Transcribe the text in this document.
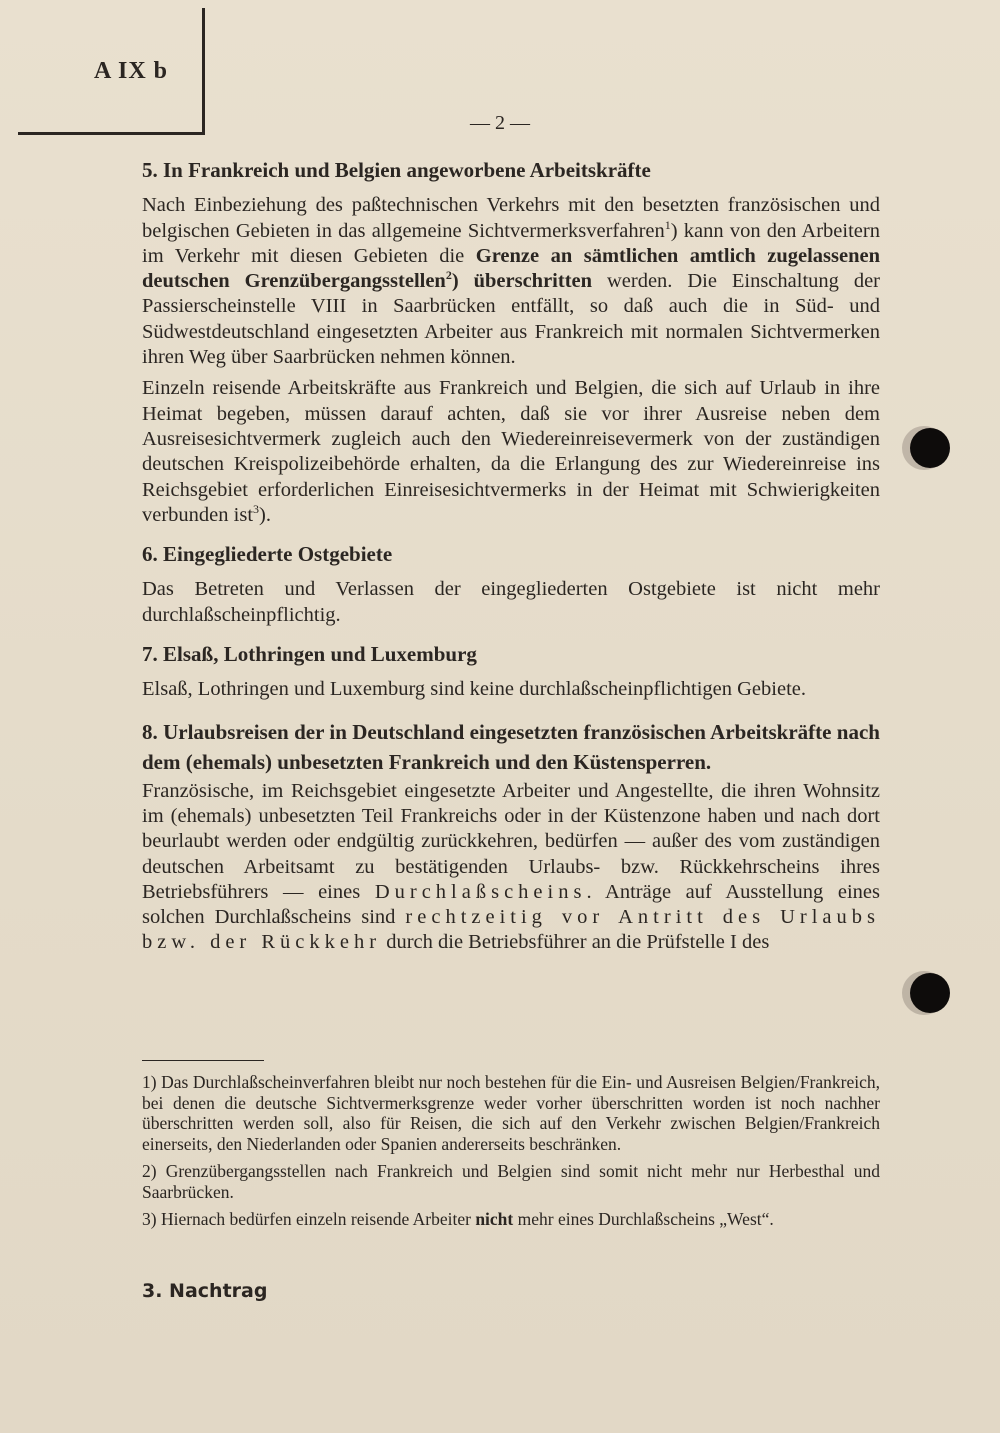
A IX b
— 2 —
5. In Frankreich und Belgien angeworbene Arbeitskräfte

Nach Einbeziehung des paßtechnischen Verkehrs mit den besetzten französischen und belgischen Gebieten in das allgemeine Sichtvermerksverfahren$^1$) kann von den Arbeitern im Verkehr mit diesen Gebieten die Grenze an sämtlichen amtlich zugelassenen deutschen Grenzübergangsstellen$^2$) überschritten werden. Die Einschaltung der Passierscheinstelle VIII in Saarbrücken entfällt, so daß auch die in Süd- und Südwestdeutschland eingesetzten Arbeiter aus Frankreich mit normalen Sichtvermerken ihren Weg über Saarbrücken nehmen können.

Einzeln reisende Arbeitskräfte aus Frankreich und Belgien, die sich auf Urlaub in ihre Heimat begeben, müssen darauf achten, daß sie vor ihrer Ausreise neben dem Ausreisesichtvermerk zugleich auch den Wiedereinreisevermerk von der zuständigen deutschen Kreispolizeibehörde erhalten, da die Erlangung des zur Wiedereinreise ins Reichsgebiet erforderlichen Einreisesichtvermerks in der Heimat mit Schwierigkeiten verbunden ist$^3$).

6. Eingegliederte Ostgebiete

Das Betreten und Verlassen der eingegliederten Ostgebiete ist nicht mehr durchlaßscheinpflichtig.

7. Elsaß, Lothringen und Luxemburg

Elsaß, Lothringen und Luxemburg sind keine durchlaßscheinpflichtigen Gebiete.

8. Urlaubsreisen der in Deutschland eingesetzten französischen Arbeitskräfte nach dem (ehemals) unbesetzten Frankreich und den Küstensperren.

Französische, im Reichsgebiet eingesetzte Arbeiter und Angestellte, die ihren Wohnsitz im (ehemals) unbesetzten Teil Frankreichs oder in der Küstenzone haben und nach dort beurlaubt werden oder endgültig zurückkehren, bedürfen — außer des vom zuständigen deutschen Arbeitsamt zu bestätigenden Urlaubs- bzw. Rückkehrscheins ihres Betriebsführers — eines Durchlaßscheins. Anträge auf Ausstellung eines solchen Durchlaßscheins sind rechtzeitig vor Antritt des Urlaubs bzw. der Rückkehr durch die Betriebsführer an die Prüfstelle I des

1) Das Durchlaßscheinverfahren bleibt nur noch bestehen für die Ein- und Ausreisen Belgien/Frankreich, bei denen die deutsche Sichtvermerksgrenze weder vorher überschritten worden ist noch nachher überschritten werden soll, also für Reisen, die sich auf den Verkehr zwischen Belgien/Frankreich einerseits, den Niederlanden oder Spanien andererseits beschränken.

2) Grenzübergangsstellen nach Frankreich und Belgien sind somit nicht mehr nur Herbesthal und Saarbrücken.

3) Hiernach bedürfen einzeln reisende Arbeiter nicht mehr eines Durchlaßscheins „West“.

3. Nachtrag
